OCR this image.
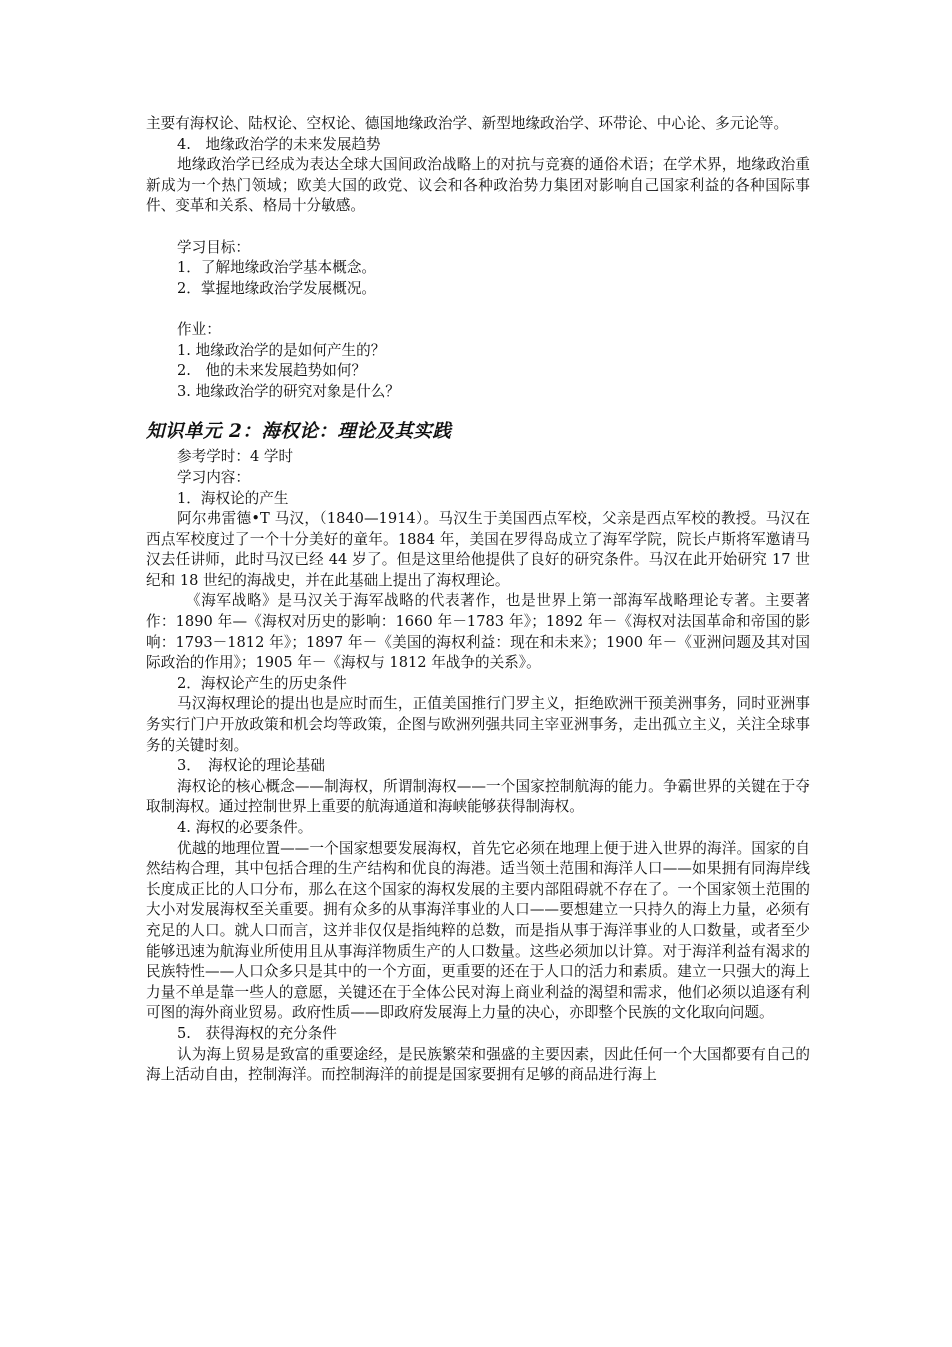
主要有海权论、陆权论、空权论、德国地缘政治学、新型地缘政治学、环带论、中心论、多元论等。

4.　地缘政治学的未来发展趋势

地缘政治学已经成为表达全球大国间政治战略上的对抗与竞赛的通俗术语；在学术界，地缘政治重新成为一个热门领域；欧美大国的政党、议会和各种政治势力集团对影响自己国家利益的各种国际事件、变革和关系、格局十分敏感。

学习目标：

1．了解地缘政治学基本概念。

2．掌握地缘政治学发展概况。

作业：

1. 地缘政治学的是如何产生的？

2.　他的未来发展趋势如何？

3. 地缘政治学的研究对象是什么？

知识单元 2：海权论：理论及其实践

参考学时：4 学时

学习内容：

1．海权论的产生

阿尔弗雷德•T 马汉，（1840—1914）。马汉生于美国西点军校，父亲是西点军校的教授。马汉在西点军校度过了一个十分美好的童年。1884 年，美国在罗得岛成立了海军学院，院长卢斯将军邀请马汉去任讲师，此时马汉已经 44 岁了。但是这里给他提供了良好的研究条件。马汉在此开始研究 17 世纪和 18 世纪的海战史，并在此基础上提出了海权理论。

《海军战略》是马汉关于海军战略的代表著作，也是世界上第一部海军战略理论专著。主要著作：1890 年—《海权对历史的影响：1660 年－1783 年》；1892 年－《海权对法国革命和帝国的影响：1793－1812 年》；1897 年－《美国的海权利益：现在和未来》；1900 年－《亚洲问题及其对国际政治的作用》；1905 年－《海权与 1812 年战争的关系》。

2．海权论产生的历史条件

马汉海权理论的提出也是应时而生，正值美国推行门罗主义，拒绝欧洲干预美洲事务，同时亚洲事务实行门户开放政策和机会均等政策，企图与欧洲列强共同主宰亚洲事务，走出孤立主义，关注全球事务的关键时刻。

3．　海权论的理论基础

海权论的核心概念——制海权，所谓制海权——一个国家控制航海的能力。争霸世界的关键在于夺取制海权。通过控制世界上重要的航海通道和海峡能够获得制海权。

4. 海权的必要条件。

优越的地理位置——一个国家想要发展海权，首先它必须在地理上便于进入世界的海洋。国家的自然结构合理，其中包括合理的生产结构和优良的海港。适当领土范围和海洋人口——如果拥有同海岸线长度成正比的人口分布，那么在这个国家的海权发展的主要内部阻碍就不存在了。一个国家领土范围的大小对发展海权至关重要。拥有众多的从事海洋事业的人口——要想建立一只持久的海上力量，必须有充足的人口。就人口而言，这并非仅仅是指纯粹的总数，而是指从事于海洋事业的人口数量，或者至少能够迅速为航海业所使用且从事海洋物质生产的人口数量。这些必须加以计算。对于海洋利益有渴求的民族特性——人口众多只是其中的一个方面，更重要的还在于人口的活力和素质。建立一只强大的海上力量不单是靠一些人的意愿，关键还在于全体公民对海上商业利益的渴望和需求，他们必须以追逐有利可图的海外商业贸易。政府性质——即政府发展海上力量的决心，亦即整个民族的文化取向问题。

5.　获得海权的充分条件

认为海上贸易是致富的重要途经，是民族繁荣和强盛的主要因素，因此任何一个大国都要有自己的海上活动自由，控制海洋。而控制海洋的前提是国家要拥有足够的商品进行海上
